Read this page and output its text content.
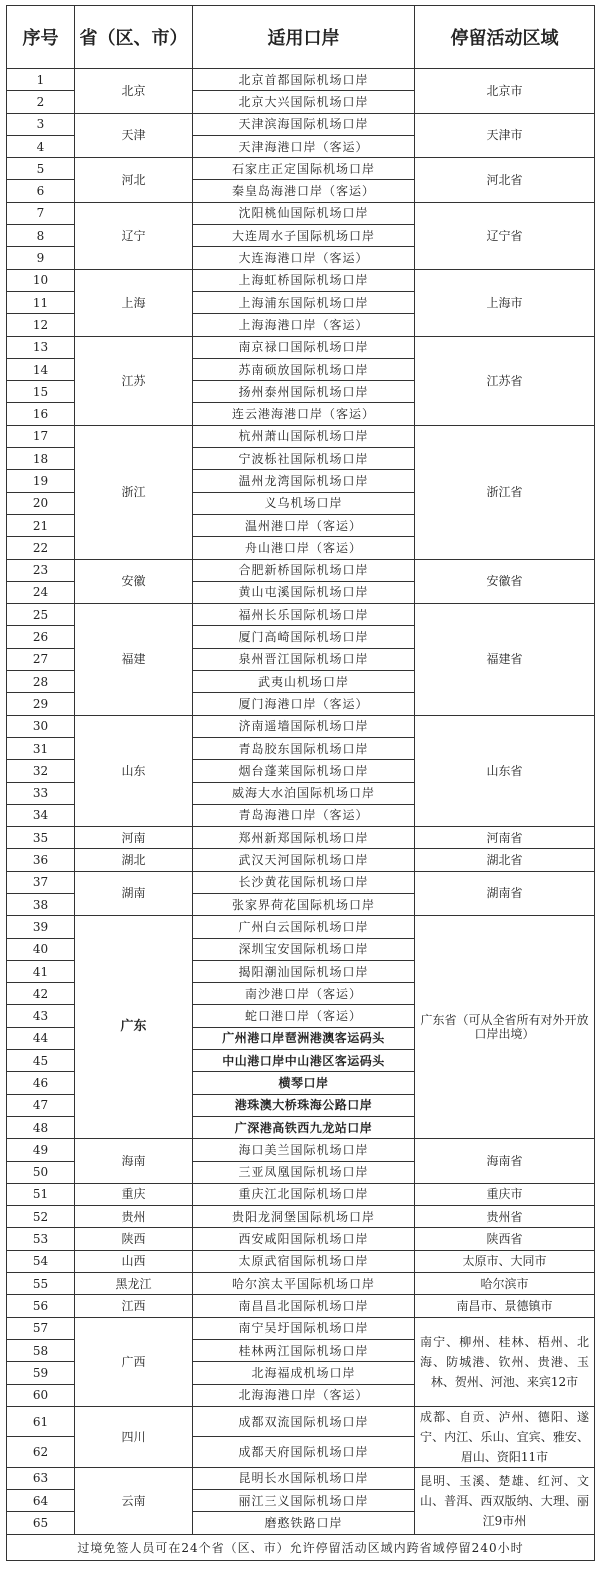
序号	省（区、市）	适用口岸	停留活动区域
1	北京	北京首都国际机场口岸	北京市
2		北京大兴国际机场口岸	
3	天津	天津滨海国际机场口岸	天津市
4		天津海港口岸（客运）	
5	河北	石家庄正定国际机场口岸	河北省
6		秦皇岛海港口岸（客运）	
7	辽宁	沈阳桃仙国际机场口岸	辽宁省
8		大连周水子国际机场口岸	
9		大连海港口岸（客运）	
10	上海	上海虹桥国际机场口岸	上海市
11		上海浦东国际机场口岸	
12		上海海港口岸（客运）	
13	江苏	南京禄口国际机场口岸	江苏省
14		苏南硕放国际机场口岸	
15		扬州泰州国际机场口岸	
16		连云港海港口岸（客运）	
17	浙江	杭州萧山国际机场口岸	浙江省
18		宁波栎社国际机场口岸	
19		温州龙湾国际机场口岸	
20		义乌机场口岸	
21		温州港口岸（客运）	
22		舟山港口岸（客运）	
23	安徽	合肥新桥国际机场口岸	安徽省
24		黄山屯溪国际机场口岸	
25	福建	福州长乐国际机场口岸	福建省
26		厦门高崎国际机场口岸	
27		泉州晋江国际机场口岸	
28		武夷山机场口岸	
29		厦门海港口岸（客运）	
30	山东	济南遥墙国际机场口岸	山东省
31		青岛胶东国际机场口岸	
32		烟台蓬莱国际机场口岸	
33		威海大水泊国际机场口岸	
34		青岛海港口岸（客运）	
35	河南	郑州新郑国际机场口岸	河南省
36	湖北	武汉天河国际机场口岸	湖北省
37	湖南	长沙黄花国际机场口岸	湖南省
38		张家界荷花国际机场口岸	
39	广东	广州白云国际机场口岸	广东省（可从全省所有对外开放口岸出境）
40		深圳宝安国际机场口岸	
41		揭阳潮汕国际机场口岸	
42		南沙港口岸（客运）	
43		蛇口港口岸（客运）	
44		广州港口岸琶洲港澳客运码头	
45		中山港口岸中山港区客运码头	
46		横琴口岸	
47		港珠澳大桥珠海公路口岸	
48		广深港高铁西九龙站口岸	
49	海南	海口美兰国际机场口岸	海南省
50		三亚凤凰国际机场口岸	
51	重庆	重庆江北国际机场口岸	重庆市
52	贵州	贵阳龙洞堡国际机场口岸	贵州省
53	陕西	西安咸阳国际机场口岸	陕西省
54	山西	太原武宿国际机场口岸	太原市、大同市
55	黑龙江	哈尔滨太平国际机场口岸	哈尔滨市
56	江西	南昌昌北国际机场口岸	南昌市、景德镇市
57	广西	南宁吴圩国际机场口岸	南宁、柳州、桂林、梧州、北海、防城港、钦州、贵港、玉林、贺州、河池、来宾12市
58		桂林两江国际机场口岸	
59		北海福成机场口岸	
60		北海海港口岸（客运）	
61	四川	成都双流国际机场口岸	成都、自贡、泸州、德阳、遂宁、内江、乐山、宜宾、雅安、眉山、资阳11市
62		成都天府国际机场口岸	
63	云南	昆明长水国际机场口岸	昆明、玉溪、楚雄、红河、文山、普洱、西双版纳、大理、丽江9市州
64		丽江三义国际机场口岸	
65		磨憨铁路口岸	
过境免签人员可在24个省（区、市）允许停留活动区域内跨省域停留240小时			
